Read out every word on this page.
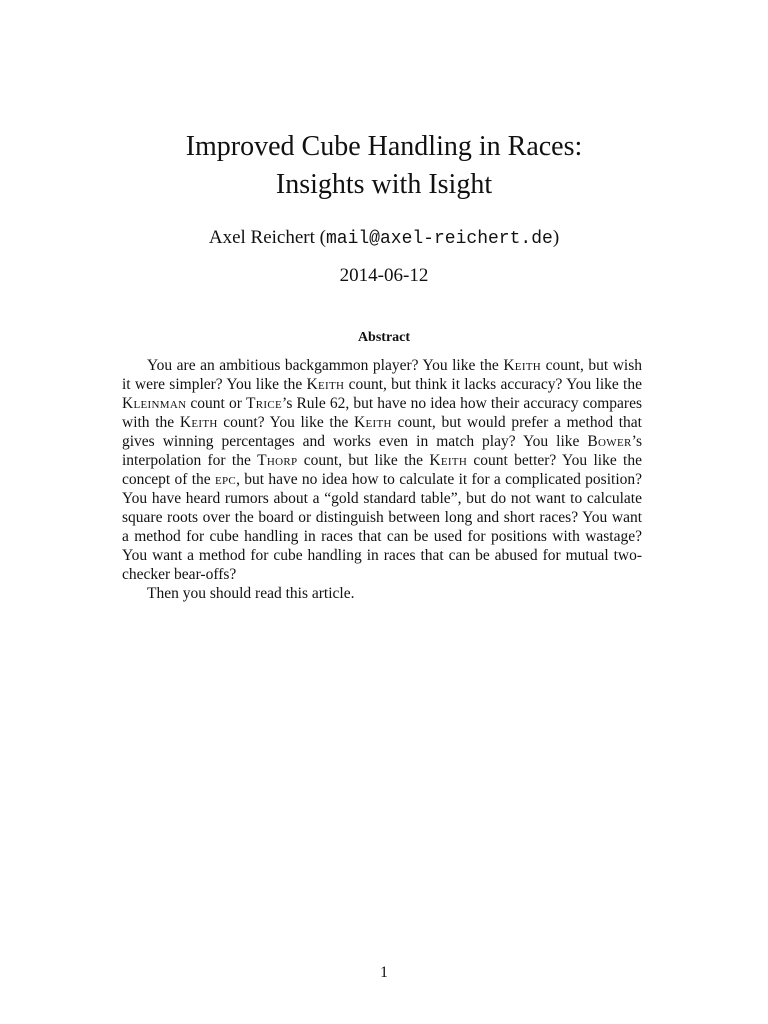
Improved Cube Handling in Races:
Insights with Isight
Axel Reichert (mail@axel-reichert.de)
2014-06-12
Abstract

You are an ambitious backgammon player? You like the Keith count, but wish it were simpler? You like the Keith count, but think it lacks accuracy? You like the Kleinman count or Trice’s Rule 62, but have no idea how their accuracy compares with the Keith count? You like the Keith count, but would prefer a method that gives winning percentages and works even in match play? You like Bower’s interpolation for the Thorp count, but like the Keith count better? You like the concept of the epc, but have no idea how to calculate it for a complicated position? You have heard rumors about a “gold standard table”, but do not want to calculate square roots over the board or distinguish between long and short races? You want a method for cube handling in races that can be used for positions with wastage? You want a method for cube handling in races that can be abused for mutual two-checker bear-offs?

Then you should read this article.

1
